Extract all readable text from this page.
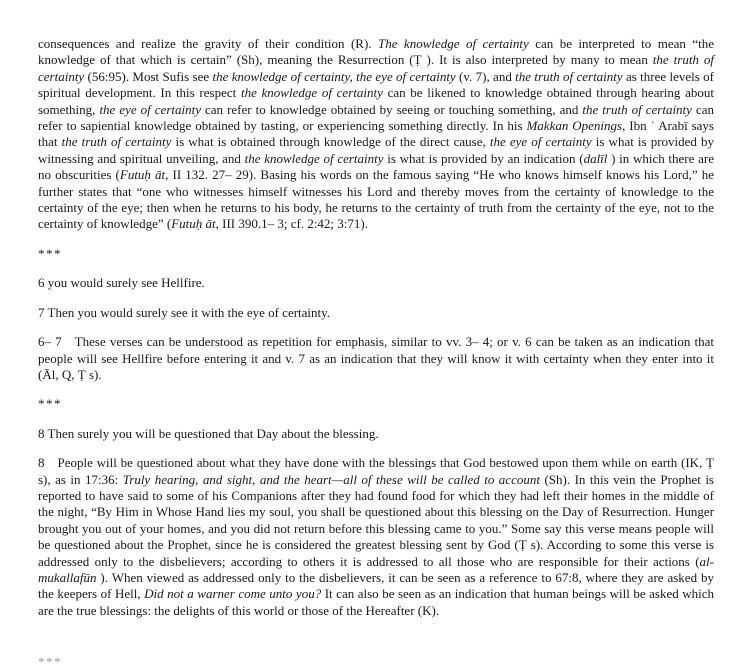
consequences and realize the gravity of their condition (R). The knowledge of certainty can be interpreted to mean “the knowledge of that which is certain” (Sh), meaning the Resurrection (Ṭ ). It is also interpreted by many to mean the truth of certainty (56:95). Most Sufis see the knowledge of certainty, the eye of certainty (v. 7), and the truth of certainty as three levels of spiritual development. In this respect the knowledge of certainty can be likened to knowledge obtained through hearing about something, the eye of certainty can refer to knowledge obtained by seeing or touching something, and the truth of certainty can refer to sapiential knowledge obtained by tasting, or experiencing something directly. In his Makkan Openings, Ibn ʿ Arabī says that the truth of certainty is what is obtained through knowledge of the direct cause, the eye of certainty is what is provided by witnessing and spiritual unveiling, and the knowledge of certainty is what is provided by an indication (dalīl ) in which there are no obscurities (Futuḥ āt, II 132. 27– 29). Basing his words on the famous saying “He who knows himself knows his Lord,” he further states that “one who witnesses himself witnesses his Lord and thereby moves from the certainty of knowledge to the certainty of the eye; then when he returns to his body, he returns to the certainty of truth from the certainty of the eye, not to the certainty of knowledge” (Futuḥ āt, III 390.1– 3; cf. 2:42; 3:71).
***
6 you would surely see Hellfire.
7 Then you would surely see it with the eye of certainty.
6– 7  These verses can be understood as repetition for emphasis, similar to vv. 3– 4; or v. 6 can be taken as an indication that people will see Hellfire before entering it and v. 7 as an indication that they will know it with certainty when they enter into it (Āl, Q, Ṭ s).
***
8 Then surely you will be questioned that Day about the blessing.
8  People will be questioned about what they have done with the blessings that God bestowed upon them while on earth (IK, Ṭ s), as in 17:36: Truly hearing, and sight, and the heart—all of these will be called to account (Sh). In this vein the Prophet is reported to have said to some of his Companions after they had found food for which they had left their homes in the middle of the night, “By Him in Whose Hand lies my soul, you shall be questioned about this blessing on the Day of Resurrection. Hunger brought you out of your homes, and you did not return before this blessing came to you.” Some say this verse means people will be questioned about the Prophet, since he is considered the greatest blessing sent by God (Ṭ s). According to some this verse is addressed only to the disbelievers; according to others it is addressed to all those who are responsible for their actions (al-mukallafūn ). When viewed as addressed only to the disbelievers, it can be seen as a reference to 67:8, where they are asked by the keepers of Hell, Did not a warner come unto you? It can also be seen as an indication that human beings will be asked which are the true blessings: the delights of this world or those of the Hereafter (K).
***
